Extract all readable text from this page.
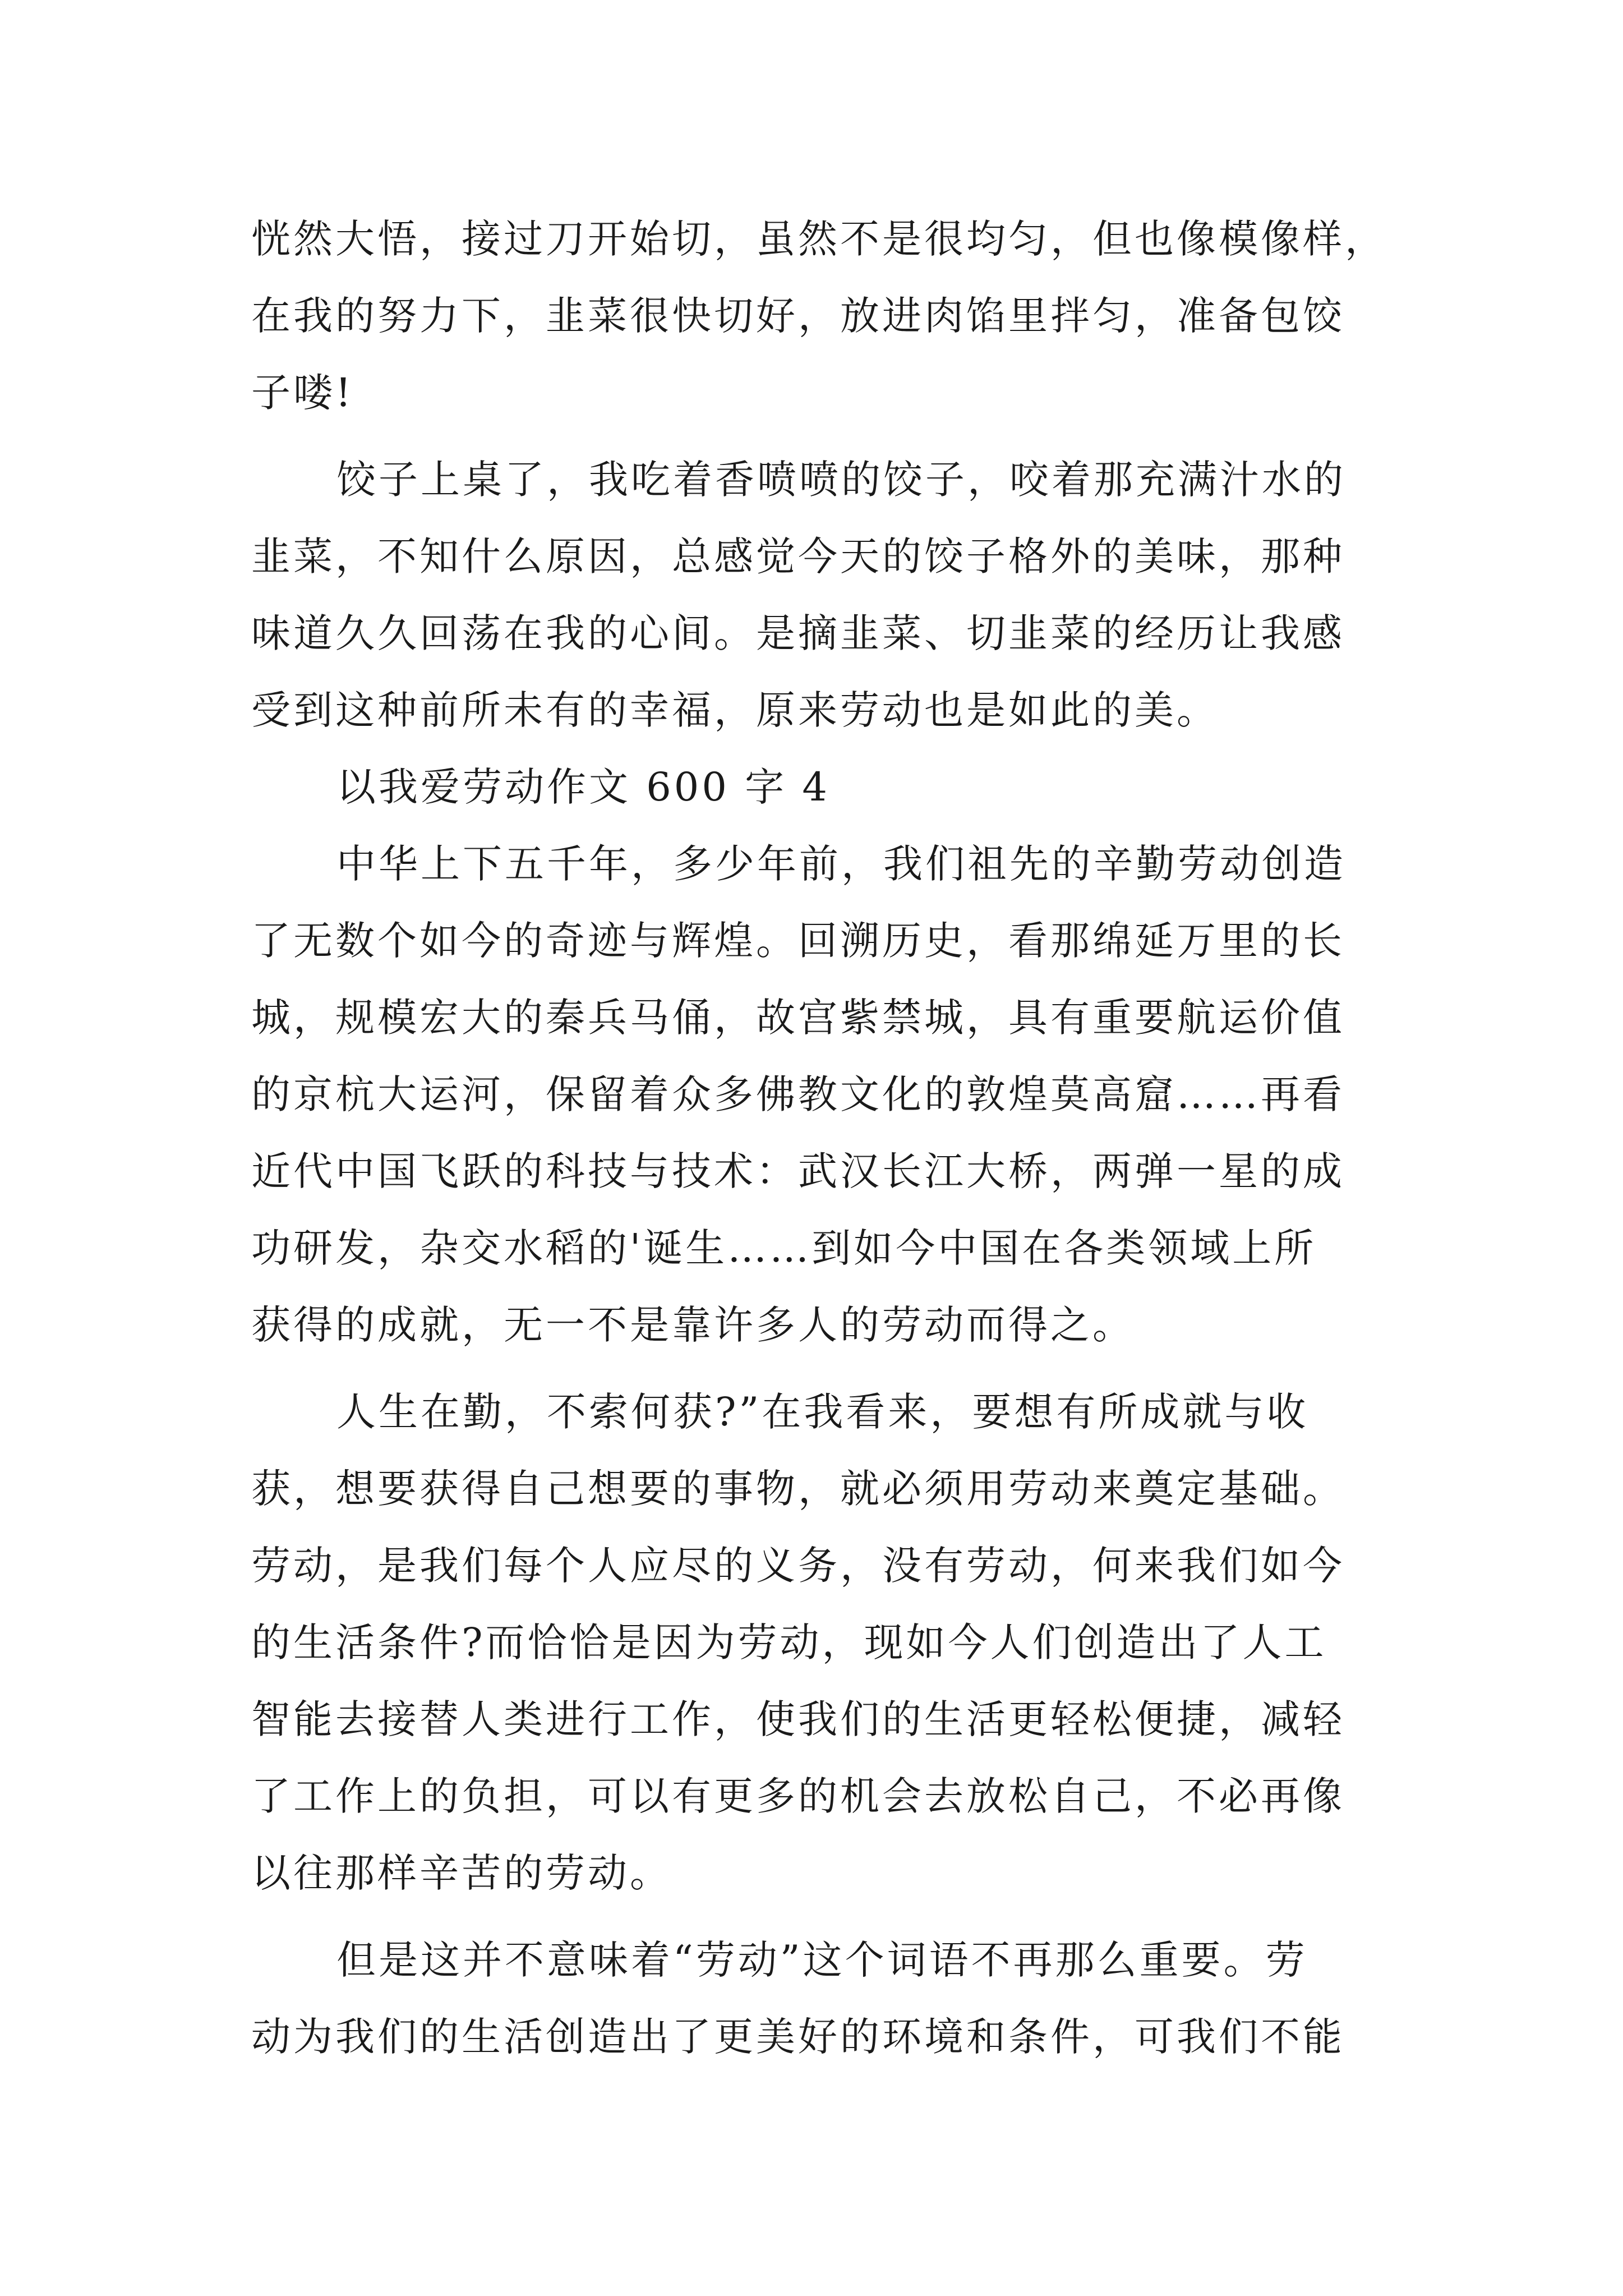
恍然大悟，接过刀开始切，虽然不是很均匀，但也像模像样，
在我的努力下，韭菜很快切好，放进肉馅里拌匀，准备包饺
子喽!
饺子上桌了，我吃着香喷喷的饺子，咬着那充满汁水的
韭菜，不知什么原因，总感觉今天的饺子格外的美味，那种
味道久久回荡在我的心间。是摘韭菜、切韭菜的经历让我感
受到这种前所未有的幸福，原来劳动也是如此的美。
以我爱劳动作文 600 字 4
中华上下五千年，多少年前，我们祖先的辛勤劳动创造
了无数个如今的奇迹与辉煌。回溯历史，看那绵延万里的长
城，规模宏大的秦兵马俑，故宫紫禁城，具有重要航运价值
的京杭大运河，保留着众多佛教文化的敦煌莫高窟……再看
近代中国飞跃的科技与技术：武汉长江大桥，两弹一星的成
功研发，杂交水稻的'诞生……到如今中国在各类领域上所
获得的成就，无一不是靠许多人的劳动而得之。
人生在勤，不索何获?”在我看来，要想有所成就与收
获，想要获得自己想要的事物，就必须用劳动来奠定基础。
劳动，是我们每个人应尽的义务，没有劳动，何来我们如今
的生活条件?而恰恰是因为劳动，现如今人们创造出了人工
智能去接替人类进行工作，使我们的生活更轻松便捷，减轻
了工作上的负担，可以有更多的机会去放松自己，不必再像
以往那样辛苦的劳动。
但是这并不意味着“劳动”这个词语不再那么重要。劳
动为我们的生活创造出了更美好的环境和条件，可我们不能
